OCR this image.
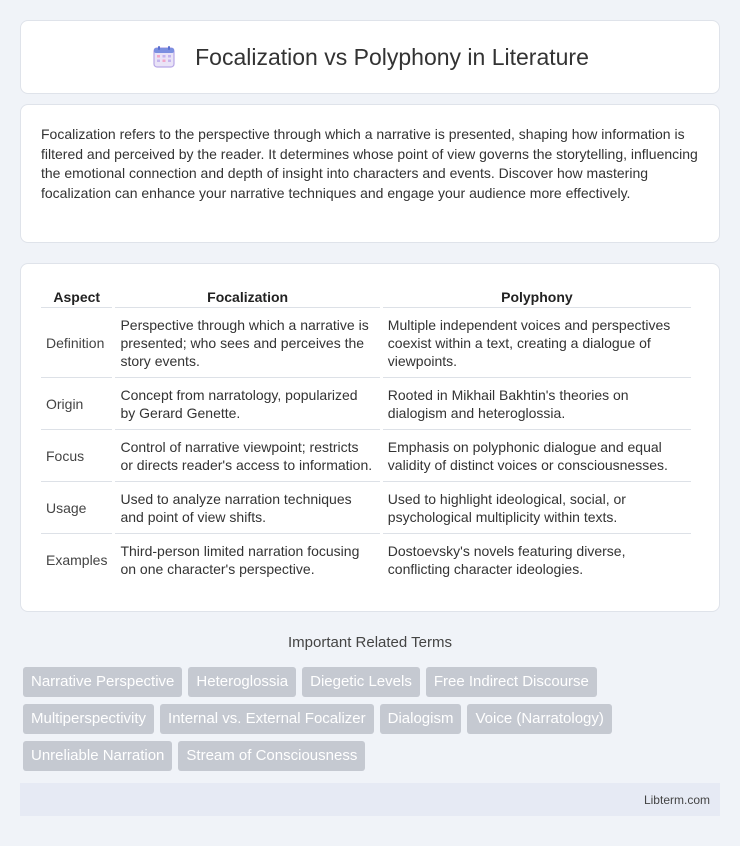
Focalization vs Polyphony in Literature

Focalization refers to the perspective through which a narrative is presented, shaping how information is filtered and perceived by the reader. It determines whose point of view governs the storytelling, influencing the emotional connection and depth of insight into characters and events. Discover how mastering focalization can enhance your narrative techniques and engage your audience more effectively.

Aspect	Focalization	Polyphony
Definition	Perspective through which a narrative is presented; who sees and perceives the story events.	Multiple independent voices and perspectives coexist within a text, creating a dialogue of viewpoints.
Origin	Concept from narratology, popularized by Gerard Genette.	Rooted in Mikhail Bakhtin's theories on dialogism and heteroglossia.
Focus	Control of narrative viewpoint; restricts or directs reader's access to information.	Emphasis on polyphonic dialogue and equal validity of distinct voices or consciousnesses.
Usage	Used to analyze narration techniques and point of view shifts.	Used to highlight ideological, social, or psychological multiplicity within texts.
Examples	Third-person limited narration focusing on one character's perspective.	Dostoevsky's novels featuring diverse, conflicting character ideologies.
Important Related Terms
Narrative Perspective	Heteroglossia	Diegetic Levels	Free Indirect Discourse
Multiperspectivity	Internal vs. External Focalizer	Dialogism	Voice (Narratology)
Unreliable Narration	Stream of Consciousness
Libterm.com
